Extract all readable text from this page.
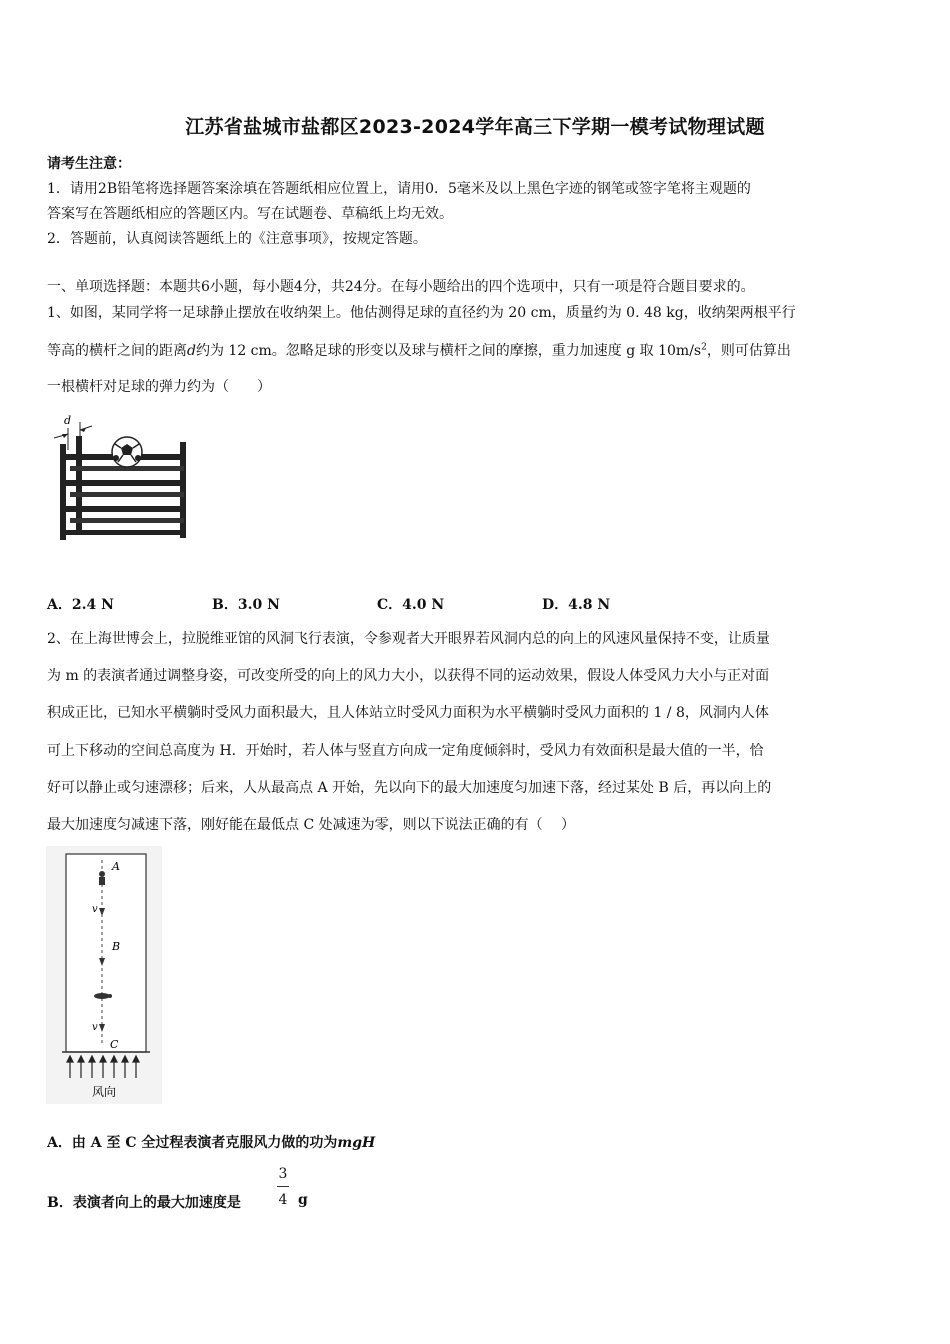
江苏省盐城市盐都区2023-2024学年高三下学期一模考试物理试题
请考生注意：
1．请用2B铅笔将选择题答案涂填在答题纸相应位置上，请用0．5毫米及以上黑色字迹的钢笔或签字笔将主观题的
答案写在答题纸相应的答题区内。写在试题卷、草稿纸上均无效。
2．答题前，认真阅读答题纸上的《注意事项》，按规定答题。
一、单项选择题：本题共6小题，每小题4分，共24分。在每小题给出的四个选项中，只有一项是符合题目要求的。
1、如图，某同学将一足球静止摆放在收纳架上。他估测得足球的直径约为 20 cm，质量约为 0. 48 kg，收纳架两根平行
等高的横杆之间的距离d约为 12 cm。忽略足球的形变以及球与横杆之间的摩擦，重力加速度 g 取 $10m/s^2$，则可估算出
一根横杆对足球的弹力约为（　　）
d
A．2.4 N	B．3.0 N	C．4.0 N	D．4.8 N
2、在上海世博会上，拉脱维亚馆的风洞飞行表演，令参观者大开眼界若风洞内总的向上的风速风量保持不变，让质量
为 m 的表演者通过调整身姿，可改变所受的向上的风力大小，以获得不同的运动效果，假设人体受风力大小与正对面
积成正比，已知水平横躺时受风力面积最大，且人体站立时受风力面积为水平横躺时受风力面积的 1 / 8，风洞内人体
可上下移动的空间总高度为 H．开始时，若人体与竖直方向成一定角度倾斜时，受风力有效面积是最大值的一半，恰
好可以静止或匀速漂移；后来，人从最高点 A 开始，先以向下的最大加速度匀加速下落，经过某处 B 后，再以向上的
最大加速度匀减速下落，刚好能在最低点 C 处减速为零，则以下说法正确的有（　 ）
A
B
C
v
v
风向
A．由 A 至 C 全过程表演者克服风力做的功为mgH
B．表演者向上的最大加速度是
3
4 g
